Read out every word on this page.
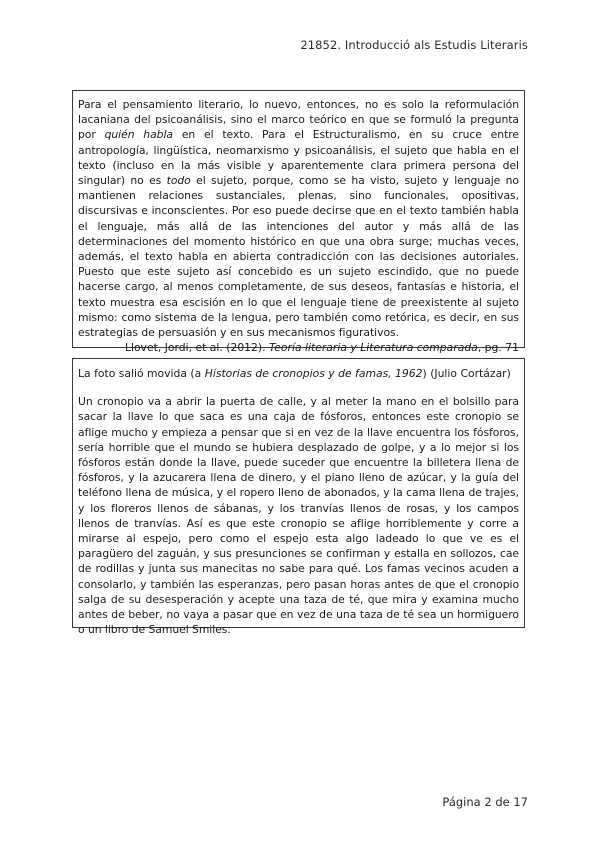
21852. Introducció als Estudis Literaris

Para el pensamiento literario, lo nuevo, entonces, no es solo la reformulación lacaniana del psicoanálisis, sino el marco teórico en que se formuló la pregunta por quién habla en el texto. Para el Estructuralismo, en su cruce entre antropología, lingüística, neomarxismo y psicoanálisis, el sujeto que habla en el texto (incluso en la más visible y aparentemente clara primera persona del singular) no es todo el sujeto, porque, como se ha visto, sujeto y lenguaje no mantienen relaciones sustanciales, plenas, sino funcionales, opositivas, discursivas e inconscientes. Por eso puede decirse que en el texto también habla el lenguaje, más allá de las intenciones del autor y más allá de las determinaciones del momento histórico en que una obra surge; muchas veces, además, el texto habla en abierta contradicción con las decisiones autoriales. Puesto que este sujeto así concebido es un sujeto escindido, que no puede hacerse cargo, al menos completamente, de sus deseos, fantasías e historia, el texto muestra esa escisión en lo que el lenguaje tiene de preexistente al sujeto mismo: como sistema de la lengua, pero también como retórica, es decir, en sus estrategias de persuasión y en sus mecanismos figurativos.

Llovet, Jordi, et al. (2012). Teoría literaria y Literatura comparada, pg. 71

La foto salió movida (a Historias de cronopios y de famas, 1962) (Julio Cortázar)

Un cronopio va a abrir la puerta de calle, y al meter la mano en el bolsillo para sacar la llave lo que saca es una caja de fósforos, entonces este cronopio se aflige mucho y empieza a pensar que si en vez de la llave encuentra los fósforos, sería horrible que el mundo se hubiera desplazado de golpe, y a lo mejor si los fósforos están donde la llave, puede suceder que encuentre la billetera llena de fósforos, y la azucarera llena de dinero, y el piano lleno de azúcar, y la guía del teléfono llena de música, y el ropero lleno de abonados, y la cama llena de trajes, y los floreros llenos de sábanas, y los tranvías llenos de rosas, y los campos llenos de tranvías. Así es que este cronopio se aflige horriblemente y corre a mirarse al espejo, pero como el espejo esta algo ladeado lo que ve es el paragüero del zaguán, y sus presunciones se confirman y estalla en sollozos, cae de rodillas y junta sus manecitas no sabe para qué. Los famas vecinos acuden a consolarlo, y también las esperanzas, pero pasan horas antes de que el cronopio salga de su desesperación y acepte una taza de té, que mira y examina mucho antes de beber, no vaya a pasar que en vez de una taza de té sea un hormiguero o un libro de Samuel Smiles.

Página 2 de 17
